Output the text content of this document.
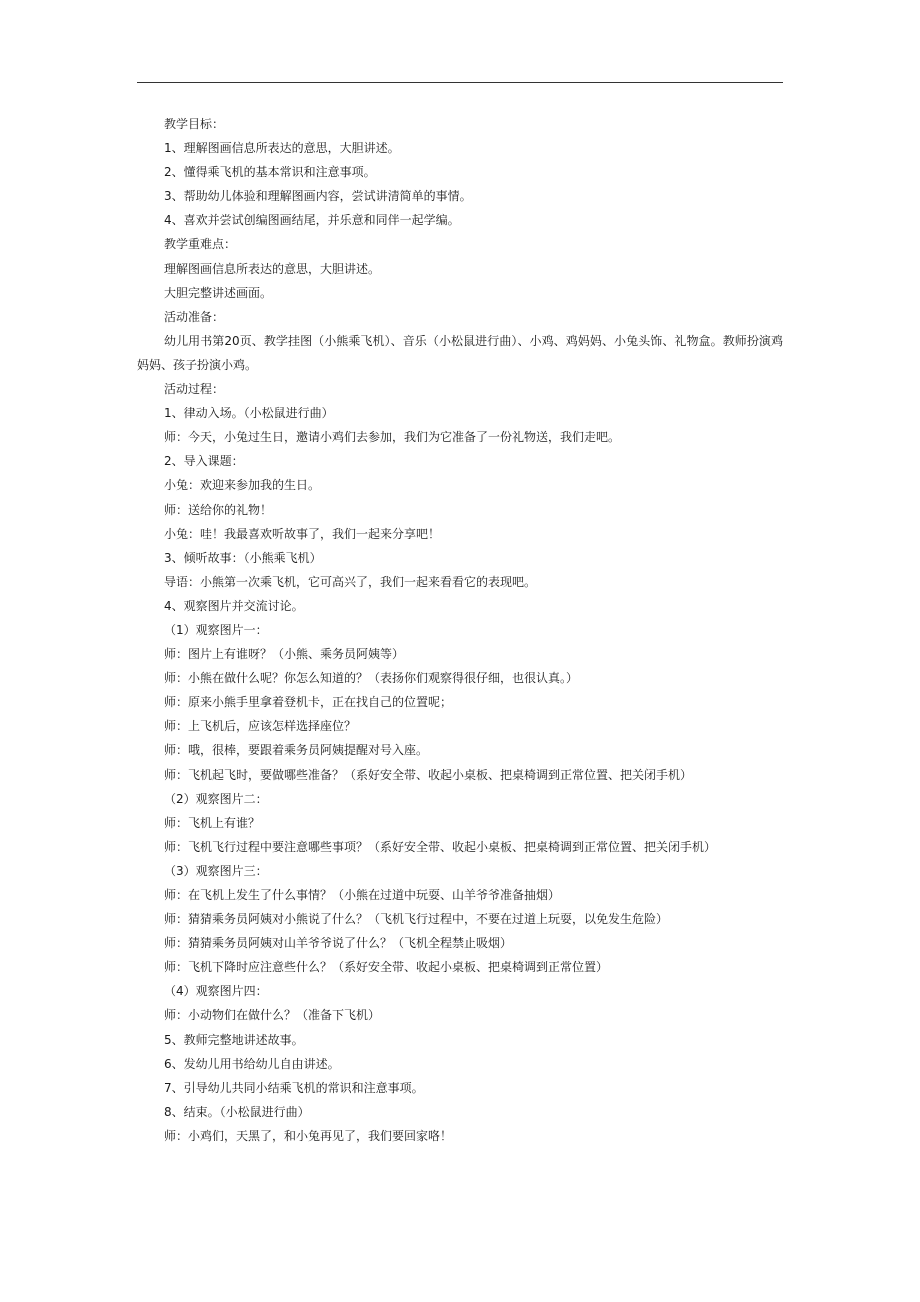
教学目标：

1、理解图画信息所表达的意思，大胆讲述。

2、懂得乘飞机的基本常识和注意事项。

3、帮助幼儿体验和理解图画内容，尝试讲清简单的事情。

4、喜欢并尝试创编图画结尾，并乐意和同伴一起学编。

教学重难点：

理解图画信息所表达的意思，大胆讲述。

大胆完整讲述画面。

活动准备：

幼儿用书第20页、教学挂图（小熊乘飞机）、音乐（小松鼠进行曲）、小鸡、鸡妈妈、小兔头饰、礼物盒。教师扮演鸡妈妈、孩子扮演小鸡。

活动过程：

1、律动入场。（小松鼠进行曲）

师：今天，小兔过生日，邀请小鸡们去参加，我们为它准备了一份礼物送，我们走吧。

2、导入课题：

小兔：欢迎来参加我的生日。

师：送给你的礼物！

小兔：哇！我最喜欢听故事了，我们一起来分享吧！

3、倾听故事：（小熊乘飞机）

导语：小熊第一次乘飞机，它可高兴了，我们一起来看看它的表现吧。

4、观察图片并交流讨论。

（1）观察图片一：

师：图片上有谁呀？（小熊、乘务员阿姨等）

师：小熊在做什么呢？你怎么知道的？（表扬你们观察得很仔细，也很认真。）

师：原来小熊手里拿着登机卡，正在找自己的位置呢；

师：上飞机后，应该怎样选择座位？

师：哦，很棒，要跟着乘务员阿姨提醒对号入座。

师：飞机起飞时，要做哪些准备？（系好安全带、收起小桌板、把桌椅调到正常位置、把关闭手机）

（2）观察图片二：

师：飞机上有谁？

师：飞机飞行过程中要注意哪些事项？（系好安全带、收起小桌板、把桌椅调到正常位置、把关闭手机）

（3）观察图片三：

师：在飞机上发生了什么事情？（小熊在过道中玩耍、山羊爷爷准备抽烟）

师：猜猜乘务员阿姨对小熊说了什么？（飞机飞行过程中，不要在过道上玩耍，以免发生危险）

师：猜猜乘务员阿姨对山羊爷爷说了什么？（飞机全程禁止吸烟）

师：飞机下降时应注意些什么？（系好安全带、收起小桌板、把桌椅调到正常位置）

（4）观察图片四：

师：小动物们在做什么？（准备下飞机）

5、教师完整地讲述故事。

6、发幼儿用书给幼儿自由讲述。

7、引导幼儿共同小结乘飞机的常识和注意事项。

8、结束。（小松鼠进行曲）

师：小鸡们，天黑了，和小兔再见了，我们要回家咯！
